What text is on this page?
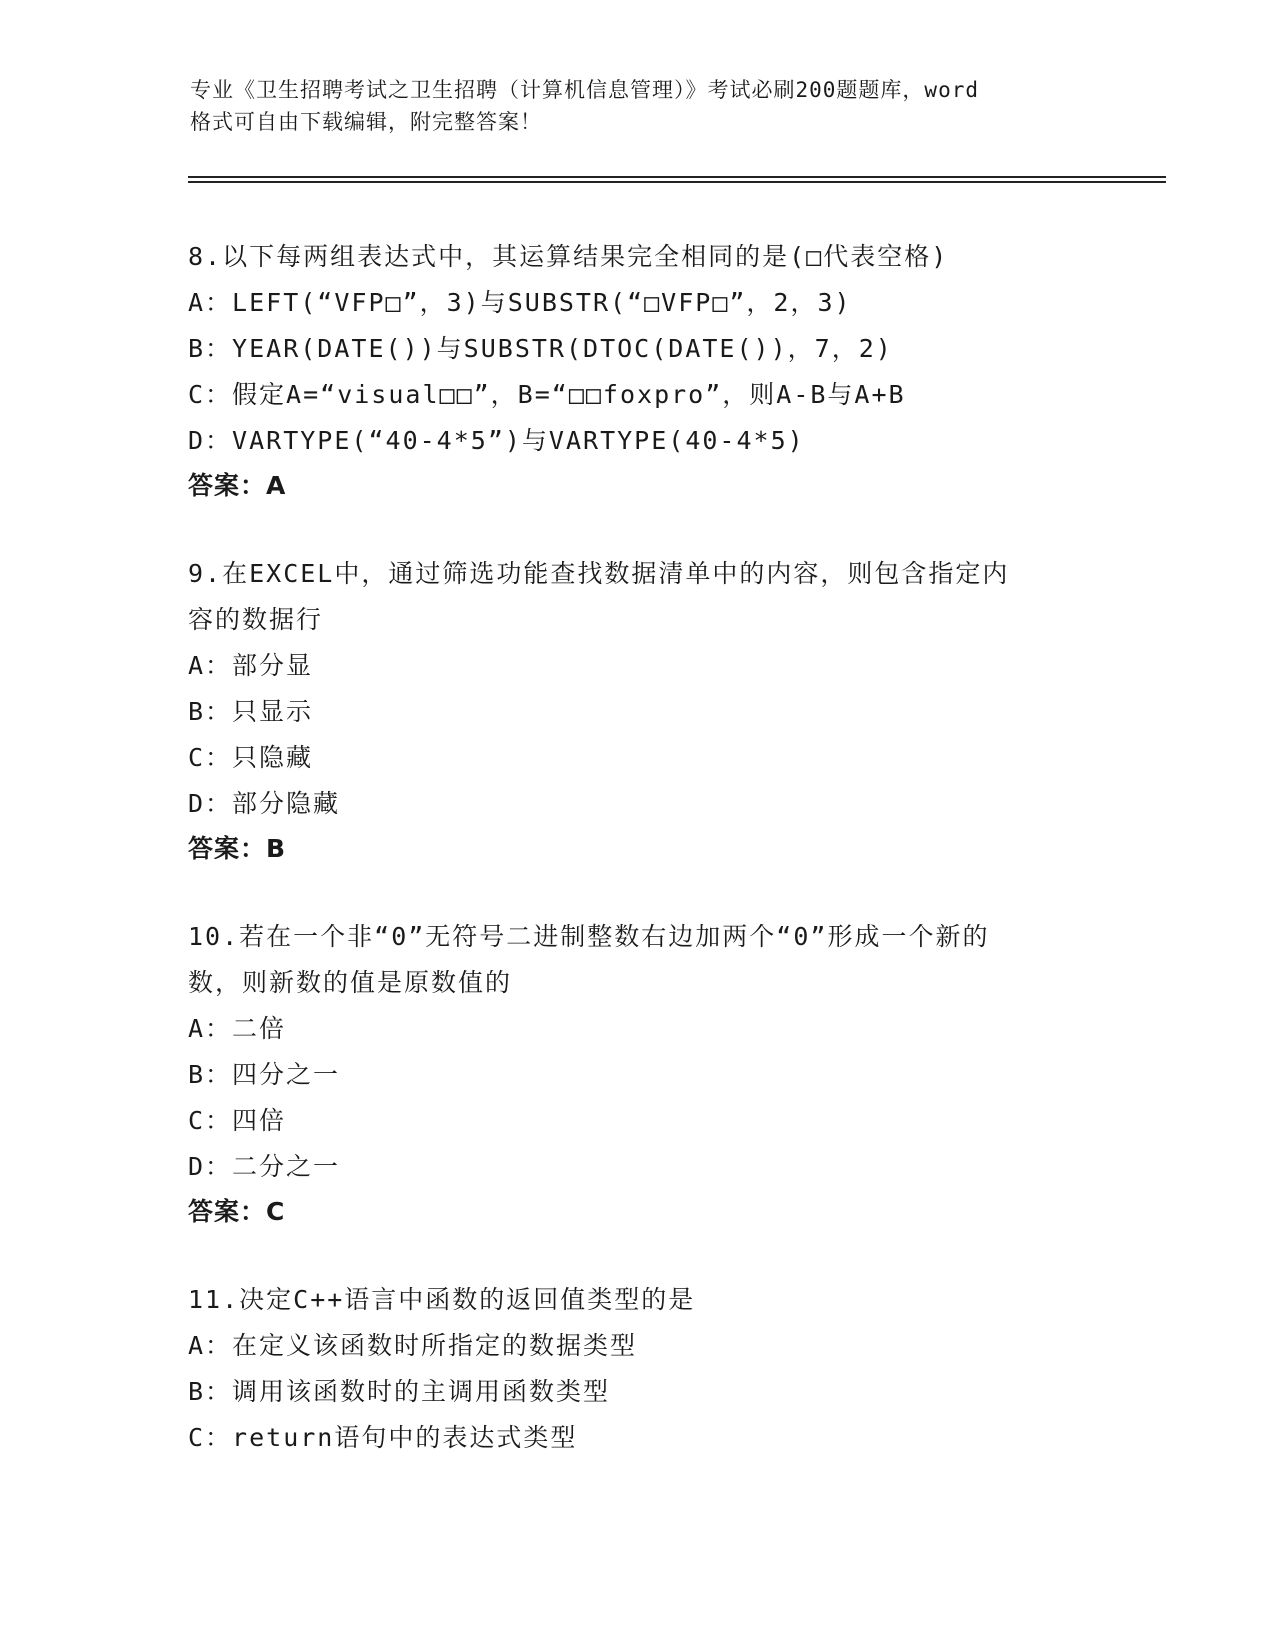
专业《卫生招聘考试之卫生招聘（计算机信息管理）》考试必刷200题题库，word
格式可自由下载编辑，附完整答案！
8.以下每两组表达式中，其运算结果完全相同的是(□代表空格)
A：LEFT(“VFP□”，3)与SUBSTR(“□VFP□”，2，3)
B：YEAR(DATE())与SUBSTR(DTOC(DATE())，7，2)
C：假定A=“visual□□”，B=“□□foxpro”，则A-B与A+B
D：VARTYPE(“40-4*5”)与VARTYPE(40-4*5)
答案：A
9.在EXCEL中，通过筛选功能查找数据清单中的内容，则包含指定内
容的数据行
A：部分显
B：只显示
C：只隐藏
D：部分隐藏
答案：B
10.若在一个非“0”无符号二进制整数右边加两个“0”形成一个新的
数，则新数的值是原数值的
A：二倍
B：四分之一
C：四倍
D：二分之一
答案：C
11.决定C++语言中函数的返回值类型的是
A：在定义该函数时所指定的数据类型
B：调用该函数时的主调用函数类型
C：return语句中的表达式类型
